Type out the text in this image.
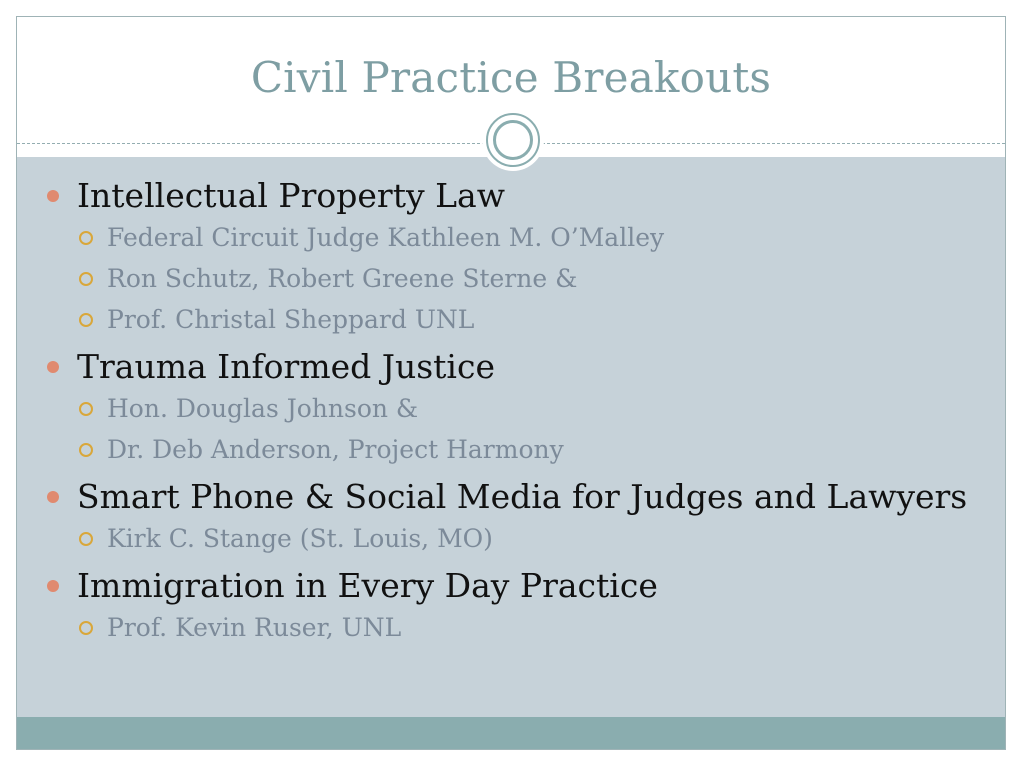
Civil Practice Breakouts
Intellectual Property Law
Federal Circuit Judge Kathleen M. O’Malley
Ron Schutz, Robert Greene Sterne &
Prof. Christal Sheppard UNL
Trauma Informed Justice
Hon. Douglas Johnson &
Dr. Deb Anderson, Project Harmony
Smart Phone & Social Media for Judges and Lawyers
Kirk C. Stange (St. Louis, MO)
Immigration in Every Day Practice
Prof. Kevin Ruser, UNL
